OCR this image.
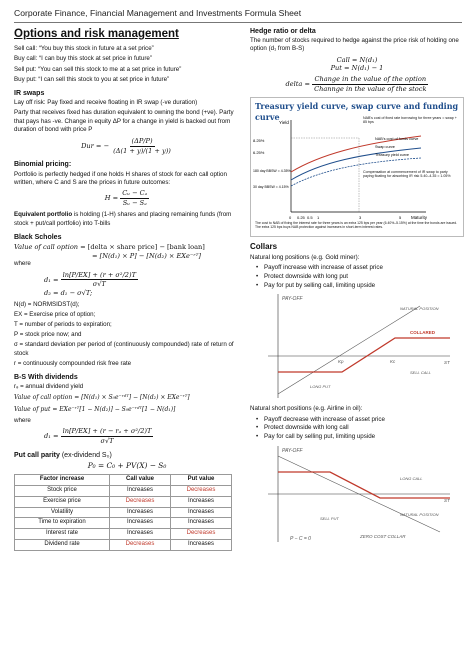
Corporate Finance, Financial Management and Investments Formula Sheet
Options and risk management

Sell call: “You buy this stock in future at a set price”

Buy call: “I can buy this stock at set price in future”

Sell put: “You can sell this stock to me at a set price in future”

Buy put: “I can sell this stock to you at set price in future”

IR swaps

Lay off risk: Pay fixed and receive floating in IR swap (-ve duration)

Party that receives fixed has duration equivalent to owning the bond (+ve). Party that pays has -ve. Change in equity ΔP for a change in yield is backed out from duration of bond with price P

Dur = − $\frac{(\Delta P/P)}{(\Delta(1 + y)/(1 + y))}$
Binomial pricing:

Portfolio is perfectly hedged if one holds H shares of stock for each call option written, where C and S are the prices in future outcomes:

$H = \frac{\text{Cᵤ − Cₔ}}{\text{Sᵤ − Sₔ}}$

Equivalent portfolio is holding (1-H) shares and placing remaining funds (from stock + put/call portfolio) into T-bills

Black Scholes
Value of call option = [delta × share price] − [bank loan]
= [N(d₁) × P] − [N(d₂) × EXe⁻ʳᵀ]

where

$d_1 = \frac{\text{ln[P/EX] + (r + σ²/2)T}}{\sigma√T}$
d₂ = d₁ − σ√T;

N(d) = NORMSIDST(d);

EX = Exercise price of option;

T = number of periods to expiration;

P = stock price now; and

σ = standard deviation per period of (continuously compounded) rate of return of stock

r = continuously compounded risk free rate

B-S With dividends

rₔ = annual dividend yield

Value of call option = [N(d₁) × S₀e⁻ʳᵈᵀ] − [N(d₂) × EXe⁻ʳᵀ]
Value of put = EXe⁻ʳᵀ[1 − N(d₂)] − S₀e⁻ʳᵈᵀ[1 − N(d₁)]

where

$d_1 = \frac{\text{ln[P/EX] + (r − rₔ + σ²/2)T}}{\sigma√T}$
Put call parity (ex-dividend S₀)
P₀ = C₀ + PV(X) − S₀
Factor increase	Call value	Put value
Stock price	Increases	Decreases
Exercise price	Decreases	Increases
Volatility	Increases	Increases
Time to expiration	Increases	Increases
Interest rate	Increases	Decreases
Dividend rate	Decreases	Increases
Hedge ratio or delta

The number of stocks required to hedge against the price risk of holding one option (d₁ from B-S)

Call = N(d₁)
Put = N(d₁) − 1
delta = $\frac{\text{Change in the value of the option}}{\text{Channge in the value of the stock}}$
Treasury yield curve, swap curve and funding curve
Yield
Maturity
8.25%
6.25%
180 day BBSW = 4.35%
30 day BBSW = 4.15%
0 0.25 0.5 1	3	5
NAB’s cost of fixed rate borrowing for three years = swap + 85 bps
NAB’s cost of funds curve
Swap curve
Treasury yield curve
Compensation at commencement of IR swap to party paying floating for absorbing IR risk 5.40–4.35 = 1.05%
The cost to NAB of fixing the interest rate for three years is an extra 125 bps per year (6.40%–5.15%) at the time the bonds are issued. The extra 125 bps buys NAB protection against increases in short-term interest rates.
Collars

Natural long positions (e.g. Gold miner):

• Payoff increase with increase of asset price
• Protect downside with long put
• Pay for put by selling call, limiting upside
PAY-OFF
NATURAL POSITION
COLLARED
Kp	Kc	ST
SELL CALL
LONG PUT

Natural short positions (e.g. Airline in oil):

• Payoff decrease with increase of asset price
• Protect downside with long call
• Pay for call by selling put, limiting upside
PAY-OFF
LONG CALL
NATURAL POSITION
SELL PUT
ST
ZERO COST COLLAR
P − C = 0
